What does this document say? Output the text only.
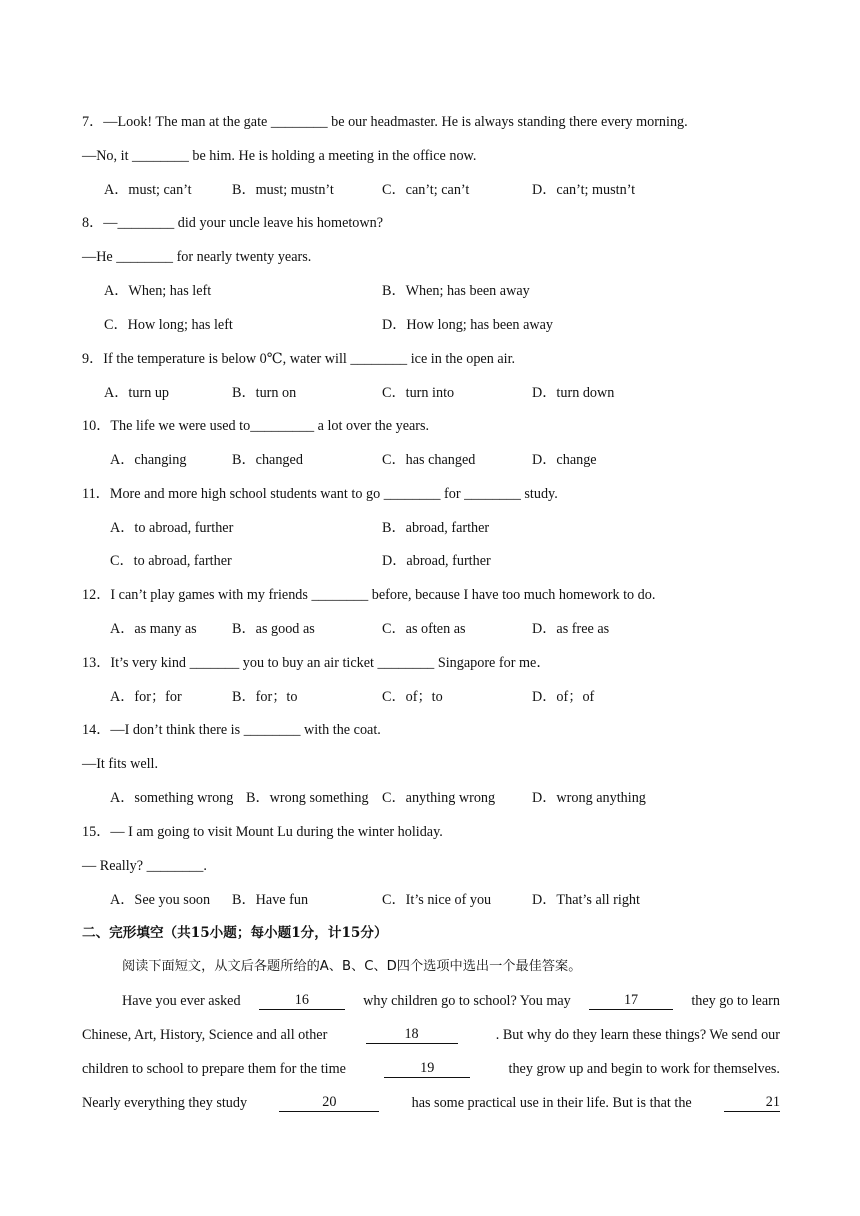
7．—Look! The man at the gate ________ be our headmaster. He is always standing there every morning.
—No, it ________ be him. He is holding a meeting in the office now.
A．must; can’t	B．must; mustn’t	C．can’t; can’t	D．can’t; mustn’t
8．—________ did your uncle leave his hometown?
—He ________ for nearly twenty years.
A．When; has left	B．When; has been away
C．How long; has left	D．How long; has been away
9．If the temperature is below 0℃, water will ________ ice in the open air.
A．turn up	B．turn on	C．turn into	D．turn down
10．The life we were used to_________ a lot over the years.
A．changing	B．changed	C．has changed	D．change
11．More and more high school students want to go ________ for ________ study.
A．to abroad, further	B．abroad, farther
C．to abroad, farther	D．abroad, further
12．I can’t play games with my friends ________ before, because I have too much homework to do.
A．as many as B．as good as	C．as often as	D．as free as
13．It’s very kind _______ you to buy an air ticket ________ Singapore for me．
A．for；for	B．for；to	C．of；to	D．of；of
14．—I don’t think there is ________ with the coat.
—It fits well.
A．something wrong B．wrong something C．anything wrong	D．wrong anything
15．— I am going to visit Mount Lu during the winter holiday.
— Really? ________.
A．See you soon B．Have fun	C．It’s nice of you	D．That’s all right
二、完形填空（共15小题；每小题1分，计15分）
阅读下面短文，从文后各题所给的A、B、C、D四个选项中选出一个最佳答案。
Have you ever asked	16	why children go to school? You may	17	they go to learn
Chinese, Art, History, Science and all other	18	. But why do they learn these things? We send our
children to school to prepare them for the time	19	they grow up and begin to work for themselves.
Nearly everything they study	20	has some practical use in their life. But is that the	21
